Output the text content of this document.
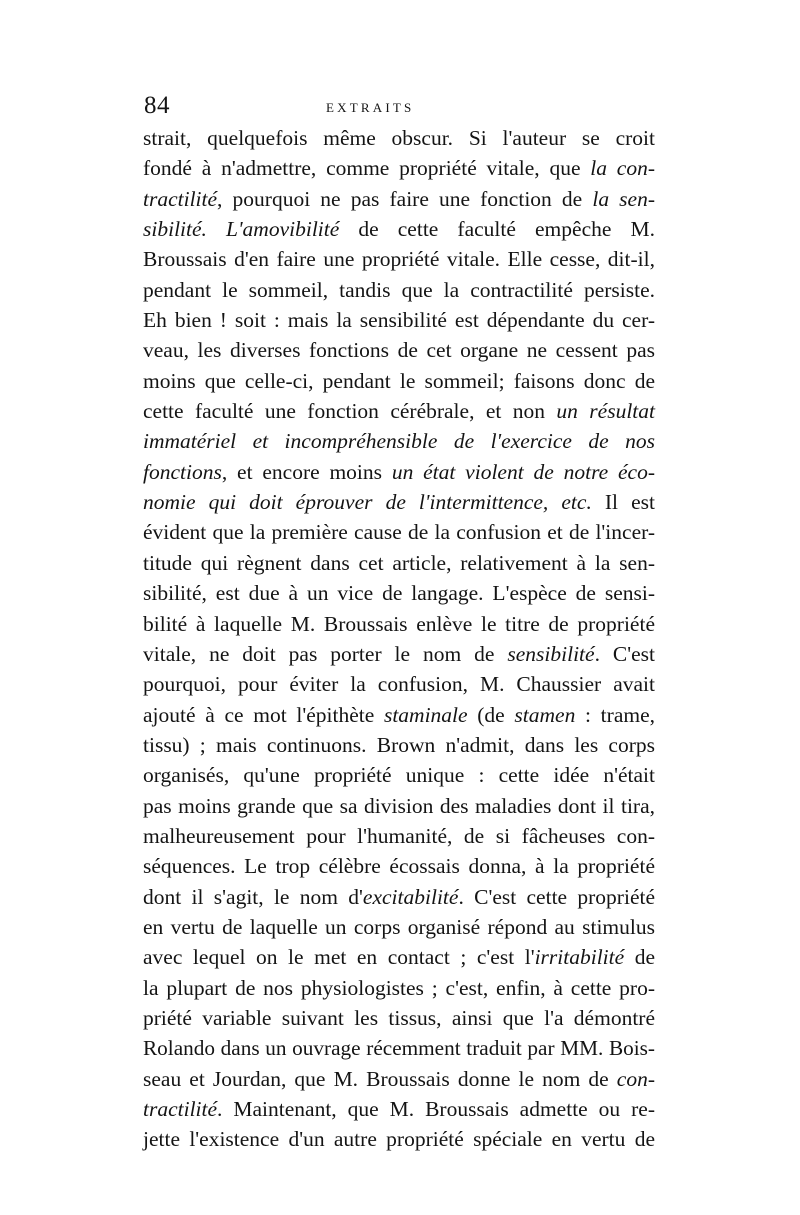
84	EXTRAITS
strait, quelquefois même obscur. Si l'auteur se croit
fondé à n'admettre, comme propriété vitale, que la con-
tractilité, pourquoi ne pas faire une fonction de la sen-
sibilité. L'amovibilité de cette faculté empêche M.
Broussais d'en faire une propriété vitale. Elle cesse, dit-il,
pendant le sommeil, tandis que la contractilité persiste.
Eh bien ! soit : mais la sensibilité est dépendante du cer-
veau, les diverses fonctions de cet organe ne cessent pas
moins que celle-ci, pendant le sommeil; faisons donc de
cette faculté une fonction cérébrale, et non un résultat
immatériel et incompréhensible de l'exercice de nos
fonctions, et encore moins un état violent de notre éco-
nomie qui doit éprouver de l'intermittence, etc. Il est
évident que la première cause de la confusion et de l'incer-
titude qui règnent dans cet article, relativement à la sen-
sibilité, est due à un vice de langage. L'espèce de sensi-
bilité à laquelle M. Broussais enlève le titre de propriété
vitale, ne doit pas porter le nom de sensibilité. C'est
pourquoi, pour éviter la confusion, M. Chaussier avait
ajouté à ce mot l'épithète staminale (de stamen : trame,
tissu) ; mais continuons. Brown n'admit, dans les corps
organisés, qu'une propriété unique : cette idée n'était
pas moins grande que sa division des maladies dont il tira,
malheureusement pour l'humanité, de si fâcheuses con-
séquences. Le trop célèbre écossais donna, à la propriété
dont il s'agit, le nom d'excitabilité. C'est cette propriété
en vertu de laquelle un corps organisé répond au stimulus
avec lequel on le met en contact ; c'est l'irritabilité de
la plupart de nos physiologistes ; c'est, enfin, à cette pro-
priété variable suivant les tissus, ainsi que l'a démontré
Rolando dans un ouvrage récemment traduit par MM. Bois-
seau et Jourdan, que M. Broussais donne le nom de con-
tractilité. Maintenant, que M. Broussais admette ou re-
jette l'existence d'un autre propriété spéciale en vertu de
